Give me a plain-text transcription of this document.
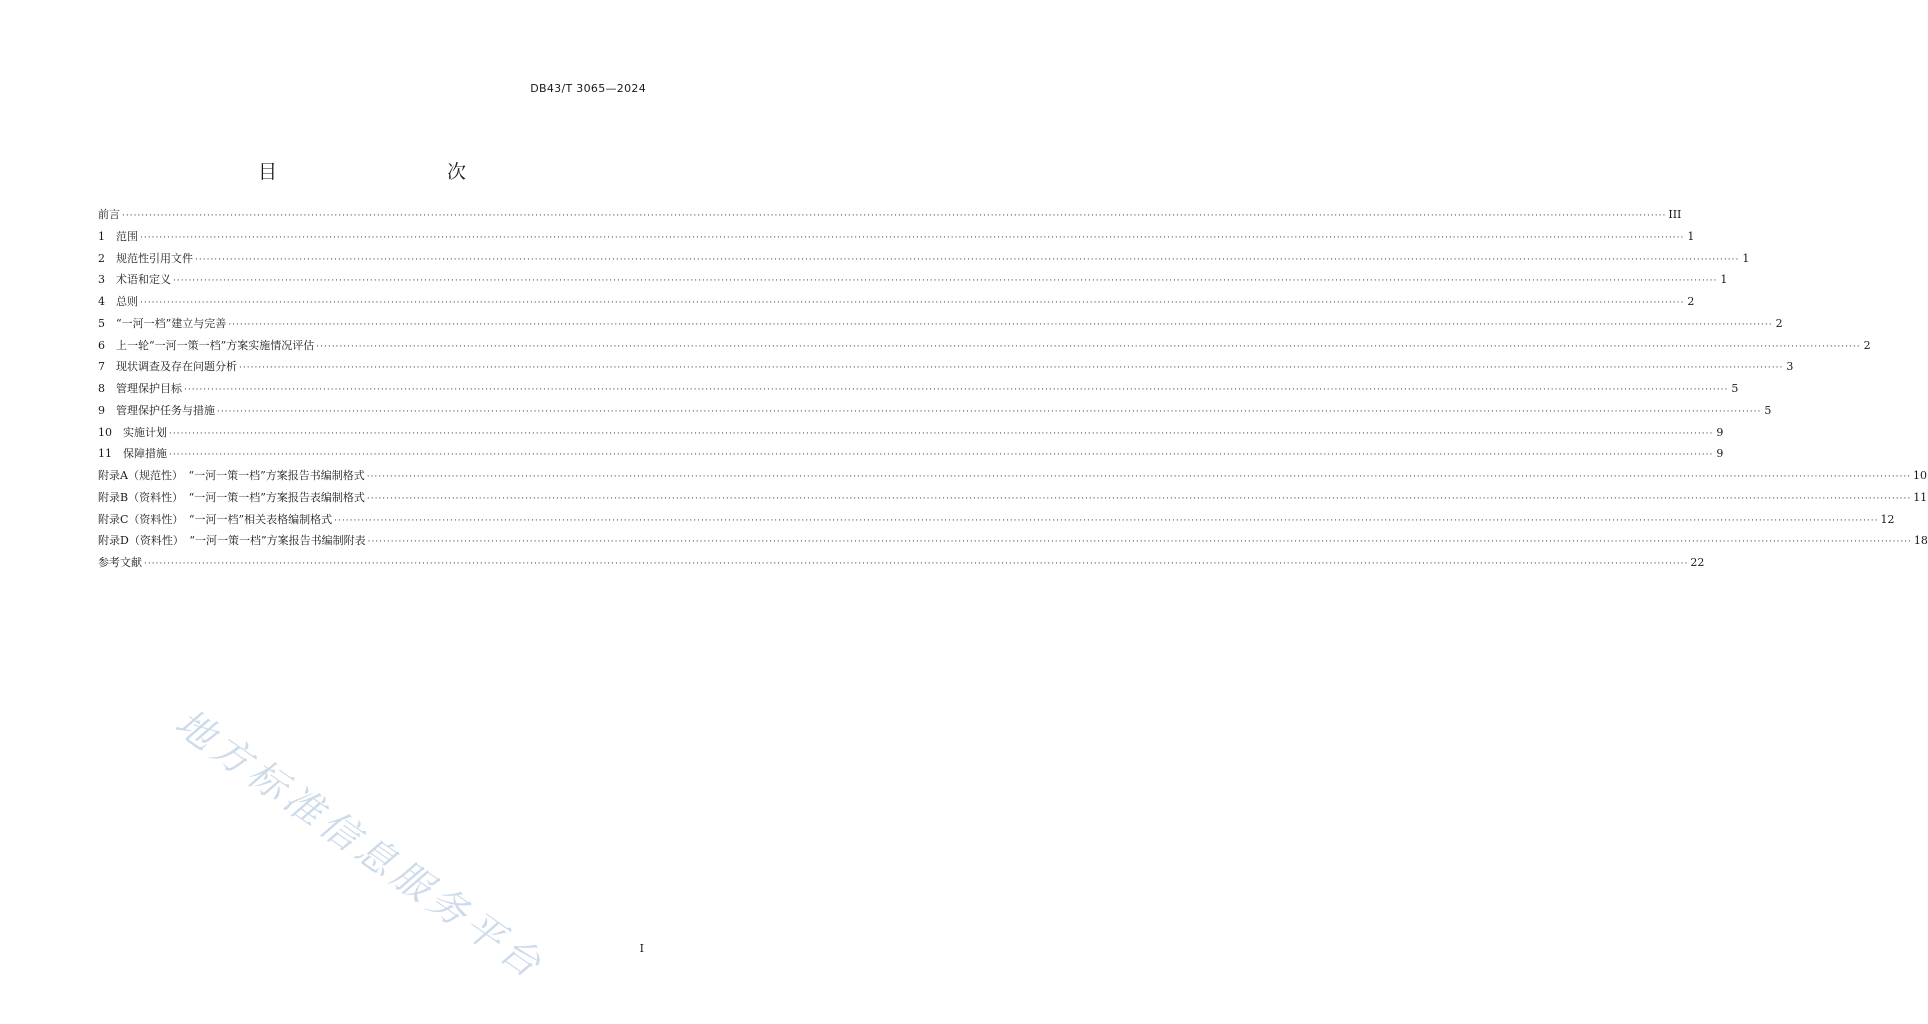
DB43/T 3065—2024
目　　次
前言 ················································································································································································································································································································································································································ III
1　范围 ················································································································································································································································································································································································································ 1
2　规范性引用文件 ················································································································································································································································································································································································································ 1
3　术语和定义 ················································································································································································································································································································································································································ 1
4　总则 ················································································································································································································································································································································································································ 2
5　“一河一档”建立与完善 ················································································································································································································································································································································································································ 2
6　上一轮“一河一策一档”方案实施情况评估 ················································································································································································································································································································································································································ 2
7　现状调查及存在问题分析 ················································································································································································································································································································································································································ 3
8　管理保护目标 ················································································································································································································································································································································································································ 5
9　管理保护任务与措施 ················································································································································································································································································································································································································ 5
10　实施计划 ················································································································································································································································································································································································································ 9
11　保障措施 ················································································································································································································································································································································································································ 9
附录A（规范性）　“一河一策一档”方案报告书编制格式 ················································································································································································································································································································································································································ 10
附录B（资料性）　“一河一策一档”方案报告表编制格式 ················································································································································································································································································································································································································ 11
附录C（资料性）　“一河一档”相关表格编制格式 ················································································································································································································································································································································································································ 12
附录D（资料性）　“一河一策一档”方案报告书编制附表 ················································································································································································································································································································································································································ 18
参考文献 ················································································································································································································································································································································································································ 22
地方标准信息服务平台	I
